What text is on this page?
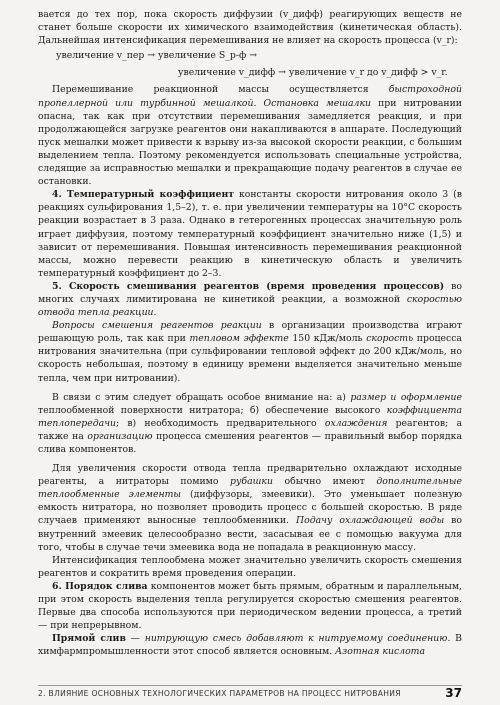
вается до тех пор, пока скорость диффузии (v_дифф) реагирующих веществ не станет больше скорости их химического взаимодействия (кинетическая область). Дальнейшая интенсификация перемешивания не влияет на скорость процесса (v_r):

увеличение v_пер → увеличение S_р-ф →
увеличение v_дифф → увеличение v_r до v_дифф > v_r.

Перемешивание реакционной массы осуществляется быстроходной пропеллерной или турбинной мешалкой. Остановка мешалки при нитровании опасна, так как при отсутствии перемешивания замедляется реакция, и при продолжающейся загрузке реагентов они накапливаются в аппарате. Последующий пуск мешалки может привести к взрыву из-за высокой скорости реакции, с большим выделением тепла. Поэтому рекомендуется использовать специальные устройства, следящие за исправностью мешалки и прекращающие подачу реагентов в случае ее остановки.

4. Температурный коэффициент константы скорости нитрования около 3 (в реакциях сульфирования 1,5–2), т. е. при увеличении температуры на 10°C скорость реакции возрастает в 3 раза. Однако в гетерогенных процессах значительную роль играет диффузия, поэтому температурный коэффициент значительно ниже (1,5) и зависит от перемешивания. Повышая интенсивность перемешивания реакционной массы, можно перевести реакцию в кинетическую область и увеличить температурный коэффициент до 2–3.

5. Скорость смешивания реагентов (время проведения процессов) во многих случаях лимитирована не кинетикой реакции, а возможной скоростью отвода тепла реакции.

Вопросы смешения реагентов реакции в организации производства играют решающую роль, так как при тепловом эффекте 150 кДж/моль скорость процесса нитрования значительна (при сульфировании тепловой эффект до 200 кДж/моль, но скорость небольшая, поэтому в единицу времени выделяется значительно меньше тепла, чем при нитровании).

В связи с этим следует обращать особое внимание на: а) размер и оформление теплообменной поверхности нитратора; б) обеспечение высокого коэффициента теплопередачи; в) необходимость предварительного охлаждения реагентов; а также на организацию процесса смешения реагентов — правильный выбор порядка слива компонентов.

Для увеличения скорости отвода тепла предварительно охлаждают исходные реагенты, а нитраторы помимо рубашки обычно имеют дополнительные теплообменные элементы (диффузоры, змеевики). Это уменьшает полезную емкость нитратора, но позволяет проводить процесс с большей скоростью. В ряде случаев применяют выносные теплообменники. Подачу охлаждающей воды во внутренний змеевик целесообразно вести, засасывая ее с помощью вакуума для того, чтобы в случае течи змеевика вода не попадала в реакционную массу.

Интенсификация теплообмена может значительно увеличить скорость смешения реагентов и сократить время проведения операции.

6. Порядок слива компонентов может быть прямым, обратным и параллельным, при этом скорость выделения тепла регулируется скоростью смешения реагентов. Первые два способа используются при периодическом ведении процесса, а третий — при непрерывном.

Прямой слив — нитрующую смесь добавляют к нитруемому соединению. В химфармпромышленности этот способ является основным. Азотная кислота

2. ВЛИЯНИЕ ОСНОВНЫХ ТЕХНОЛОГИЧЕСКИХ ПАРАМЕТРОВ НА ПРОЦЕСС НИТРОВАНИЯ	37
